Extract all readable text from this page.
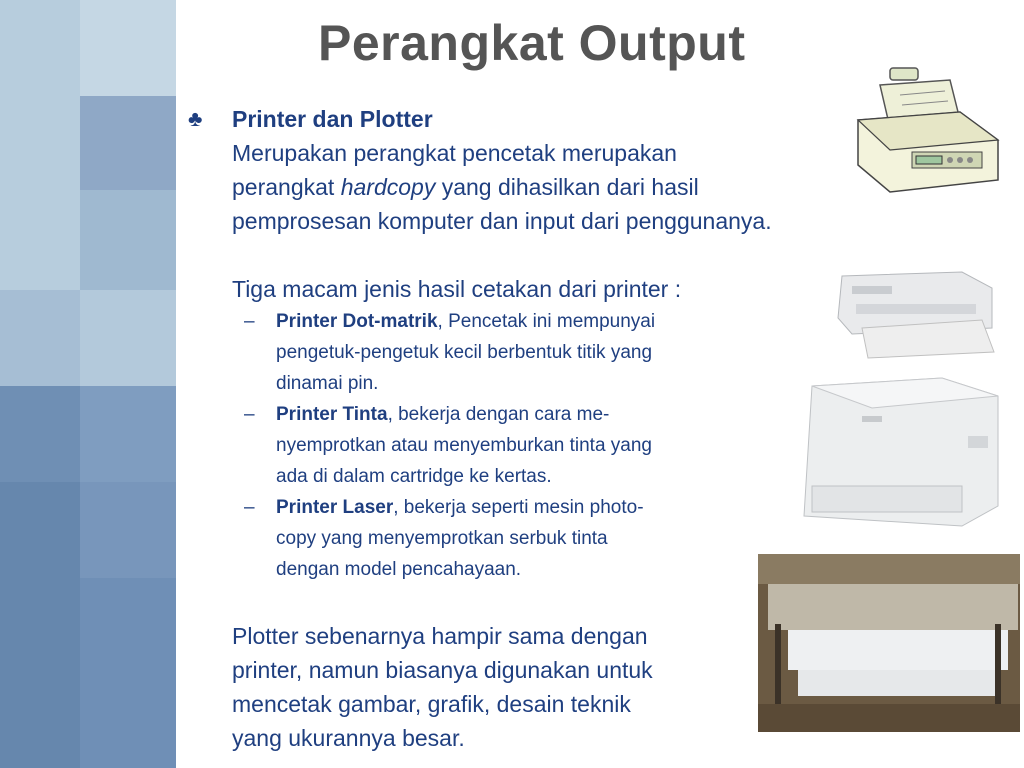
Perangkat Output
♣ Printer dan Plotter

Merupakan perangkat pencetak merupakan

perangkat hardcopy yang dihasilkan dari hasil

pemprosesan komputer dan input dari penggunanya.

Tiga macam jenis hasil cetakan dari printer :

– Printer Dot-matrik, Pencetak ini mempunyai
pengetuk-pengetuk kecil berbentuk titik yang
dinamai pin.
– Printer Tinta, bekerja dengan cara me-
nyemprotkan atau menyemburkan tinta yang
ada di dalam cartridge ke kertas.
– Printer Laser, bekerja seperti mesin photo-
copy yang menyemprotkan serbuk tinta
dengan model pencahayaan.

Plotter sebenarnya hampir sama dengan

printer, namun biasanya digunakan untuk

mencetak gambar, grafik, desain teknik

yang ukurannya besar.
